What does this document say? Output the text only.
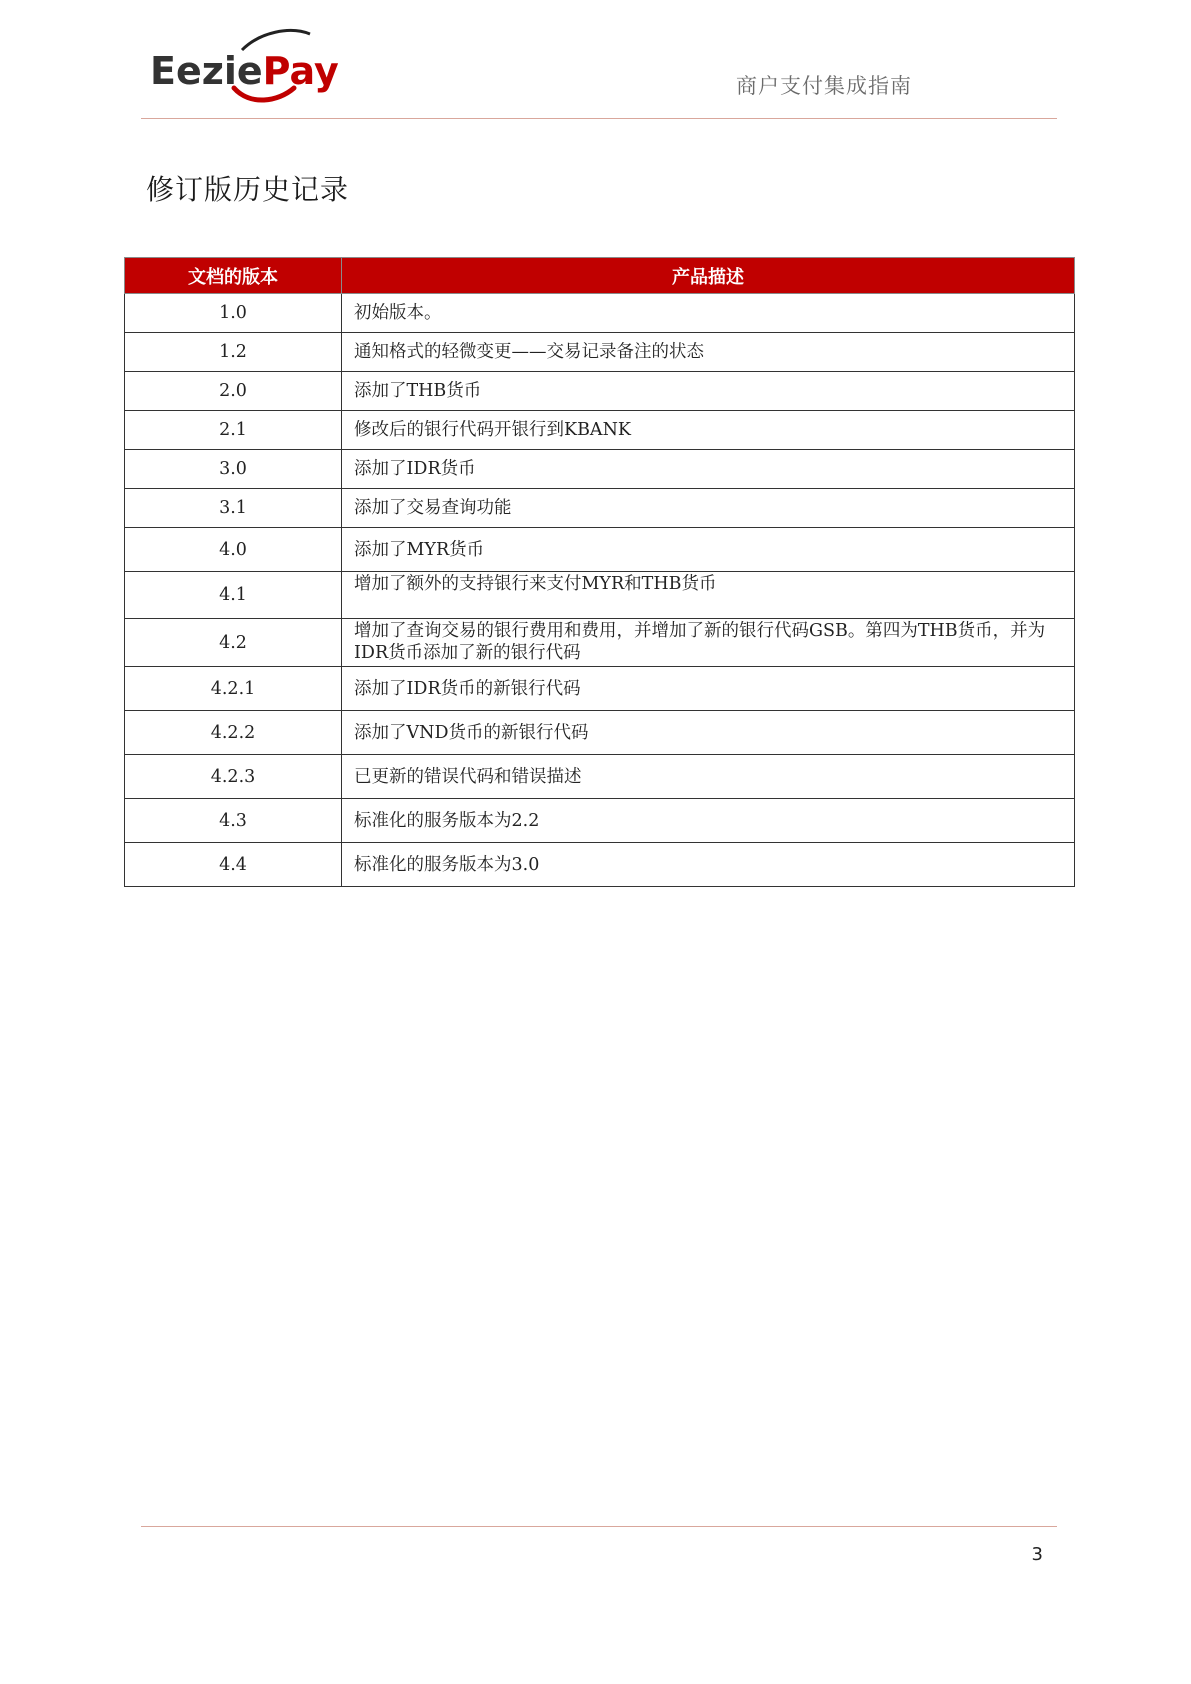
EeziePay	商户支付集成指南
修订版历史记录
文档的版本	产品描述
1.0	初始版本。
1.2	通知格式的轻微变更——交易记录备注的状态
2.0	添加了THB货币
2.1	修改后的银行代码开银行到KBANK
3.0	添加了IDR货币
3.1	添加了交易查询功能
4.0	添加了MYR货币
4.1	增加了额外的支持银行来支付MYR和THB货币
4.2	增加了查询交易的银行费用和费用，并增加了新的银行代码GSB。第四为THB货币，并为IDR货币添加了新的银行代码
4.2.1	添加了IDR货币的新银行代码
4.2.2	添加了VND货币的新银行代码
4.2.3	已更新的错误代码和错误描述
4.3	标准化的服务版本为2.2
4.4	标准化的服务版本为3.0
3
